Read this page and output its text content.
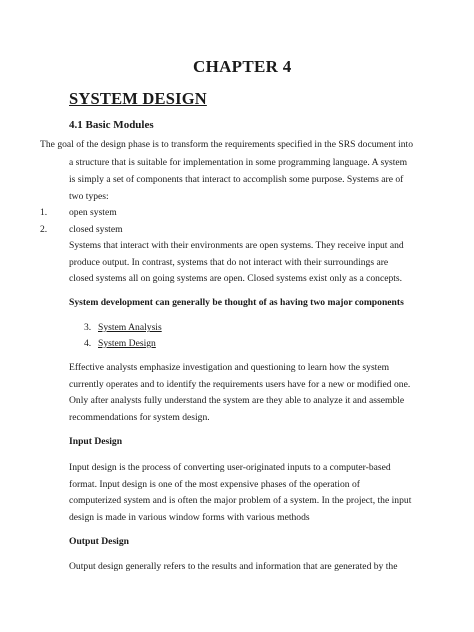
CHAPTER 4
SYSTEM DESIGN
4.1 Basic Modules
The goal of the design phase is to transform the requirements specified in the SRS document into
a structure that is suitable for implementation in some programming language. A system
is simply a set of components that interact to accomplish some purpose. Systems are of
two types:
1. open system
2. closed system
Systems that interact with their environments are open systems. They receive input and
produce output. In contrast, systems that do not interact with their surroundings are
closed systems all on going systems are open. Closed systems exist only as a concepts.
System development can generally be thought of as having two major components
3. System Analysis
4. System Design
Effective analysts emphasize investigation and questioning to learn how the system
currently operates and to identify the requirements users have for a new or modified one.
Only after analysts fully understand the system are they able to analyze it and assemble
recommendations for system design.
Input Design
Input design is the process of converting user-originated inputs to a computer-based
format. Input design is one of the most expensive phases of the operation of
computerized system and is often the major problem of a system. In the project, the input
design is made in various window forms with various methods
Output Design
Output design generally refers to the results and information that are generated by the
